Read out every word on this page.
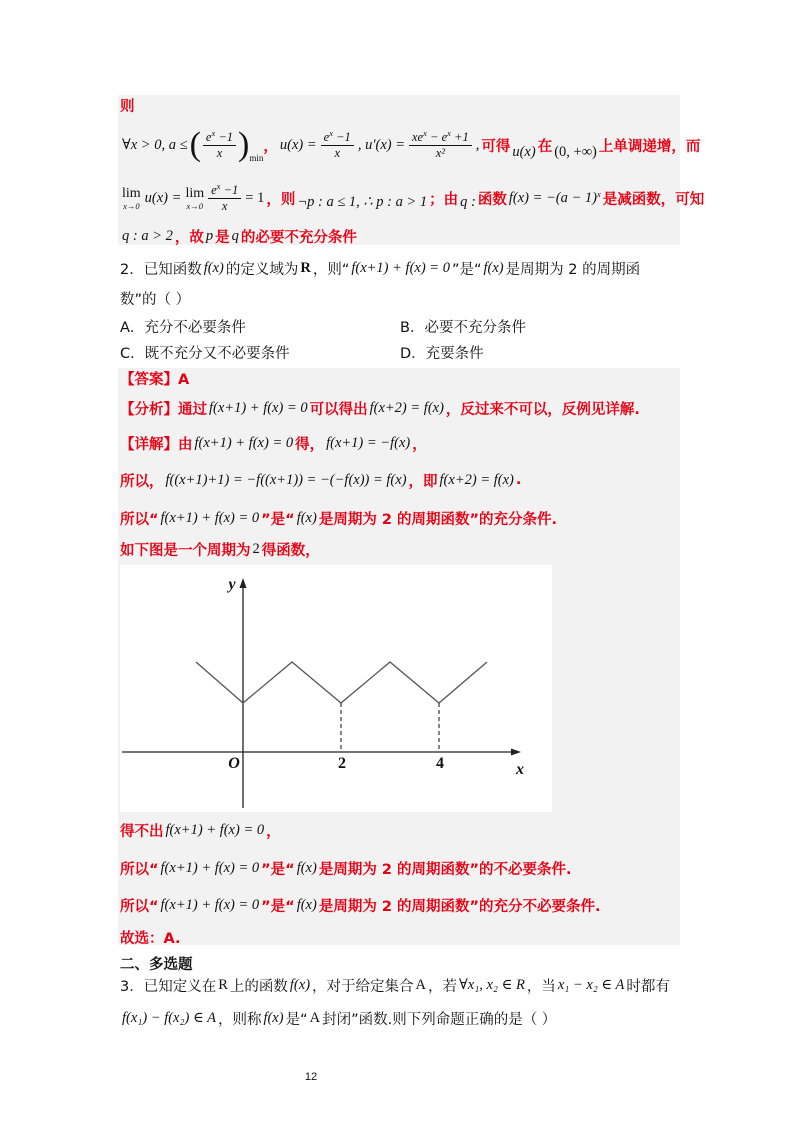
则
∀x > 0, a ≤ ( $\frac{e^x -1}{x}$ ) min
， $u(x) = \frac{e^x -1}{x}$ , $u'(x) = \frac{xe^x - e^x +1}{\text{x²}}$ , 可得 u(x) 在 (0, +∞) 上单调递增，而
lim
x→0 u(x) = lim
$x\to 0 \frac{e^x -1}{x} = 1$ ，则 ¬p : a ≤ 1, ∴ p : a > 1 ；由 q : 函数 $f(x) = -(a - 1)^x$ 是减函数，可知
q : a > 2 ，故 p 是 q 的必要不充分条件
2．已知函数 f(x) 的定义域为 R ，则“ f(x+1) + f(x) = 0 ”是“ f(x) 是周期为 2 的周期函
数”的（ ）
A．充分不必要条件	B．必要不充分条件
C．既不充分又不必要条件	D．充要条件
【答案】A
【分析】通过 f(x+1) + f(x) = 0 可以得出 f(x+2) = f(x) ，反过来不可以，反例见详解.
【详解】由 f(x+1) + f(x) = 0 得， f(x+1) = −f(x) ，
所以， f((x+1)+1) = −f((x+1)) = −(−f(x)) = f(x) ，即 f(x+2) = f(x) .
所以“ f(x+1) + f(x) = 0 ”是“ f(x) 是周期为 2 的周期函数”的充分条件.
如下图是一个周期为 2 得函数，
y
O	2	4	x
得不出 f(x+1) + f(x) = 0 ，
所以“ f(x+1) + f(x) = 0 ”是“ f(x) 是周期为 2 的周期函数”的不必要条件.
所以“ f(x+1) + f(x) = 0 ”是“ f(x) 是周期为 2 的周期函数”的充分不必要条件.
故选：A.
二、多选题
3．已知定义在 R 上的函数 f(x) ，对于给定集合 A ，若 ∀x₁, x₂ ∈ R ，当 x₁ − x₂ ∈ A 时都有
f(x₁) − f(x₂) ∈ A ，则称 f(x) 是“ A 封闭”函数.则下列命题正确的是（ ）
12
